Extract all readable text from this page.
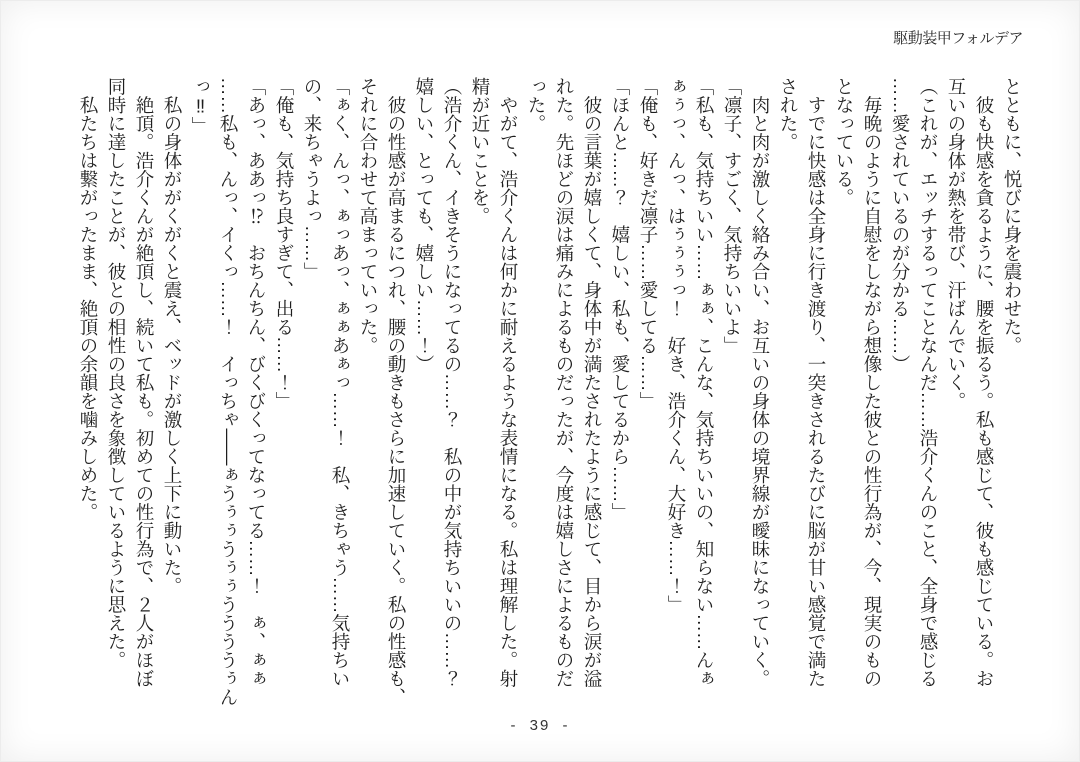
駆動装甲フォルデア

とともに、悦びに身を震わせた。

　彼も快感を貪るように、腰を振るう。私も感じて、彼も感じている。お

互いの身体が熱を帯び、汗ばんでいく。

（これが、エッチするってことなんだ……浩介くんのこと、全身で感じる

……愛されているのが分かる……）

　毎晩のように自慰をしながら想像した彼との性行為が、今、現実のもの

となっている。

　すでに快感は全身に行き渡り、一突きされるたびに脳が甘い感覚で満た

された。

　肉と肉が激しく絡み合い、お互いの身体の境界線が曖昧になっていく。

「凛子、すごく、気持ちいいよ」

「私も、気持ちいい……ぁぁ、こんな、気持ちいいの、知らない……んぁ

ぁぅっ、んっ、はぅぅぅっ！　好き、浩介くん、大好き……！」

「俺も、好きだ凛子……愛してる……」

「ほんと……？　嬉しい、私も、愛してるから……」

　彼の言葉が嬉しくて、身体中が満たされたように感じて、目から涙が溢

れた。先ほどの涙は痛みによるものだったが、今度は嬉しさによるものだ

った。

　やがて、浩介くんは何かに耐えるような表情になる。私は理解した。射

精が近いことを。

（浩介くん、イきそうになってるの……？　私の中が気持ちいいの……？

嬉しい、とっても、嬉しい……！）

　彼の性感が高まるにつれ、腰の動きもさらに加速していく。私の性感も、

それに合わせて高まっていった。

「ぁく、んっ、ぁっあっ、ぁぁあぁっ……！　私、きちゃう……気持ちい

の、来ちゃうよっ……」

「俺も、気持ち良すぎて、出る……！」

「あっ、ああっ⁉　おちんちん、びくびくってなってる……！　ぁ、ぁぁ

……私も、んっ、イくっ……！　イっちゃ――ぁうぅぅうぅぅううううぅん

っ‼」

　私の身体ががくがくと震え、ベッドが激しく上下に動いた。

　絶頂。浩介くんが絶頂し、続いて私も。初めての性行為で、２人がほぼ

同時に達したことが、彼との相性の良さを象徴しているように思えた。

　私たちは繋がったまま、絶頂の余韻を噛みしめた。

- 39 -
